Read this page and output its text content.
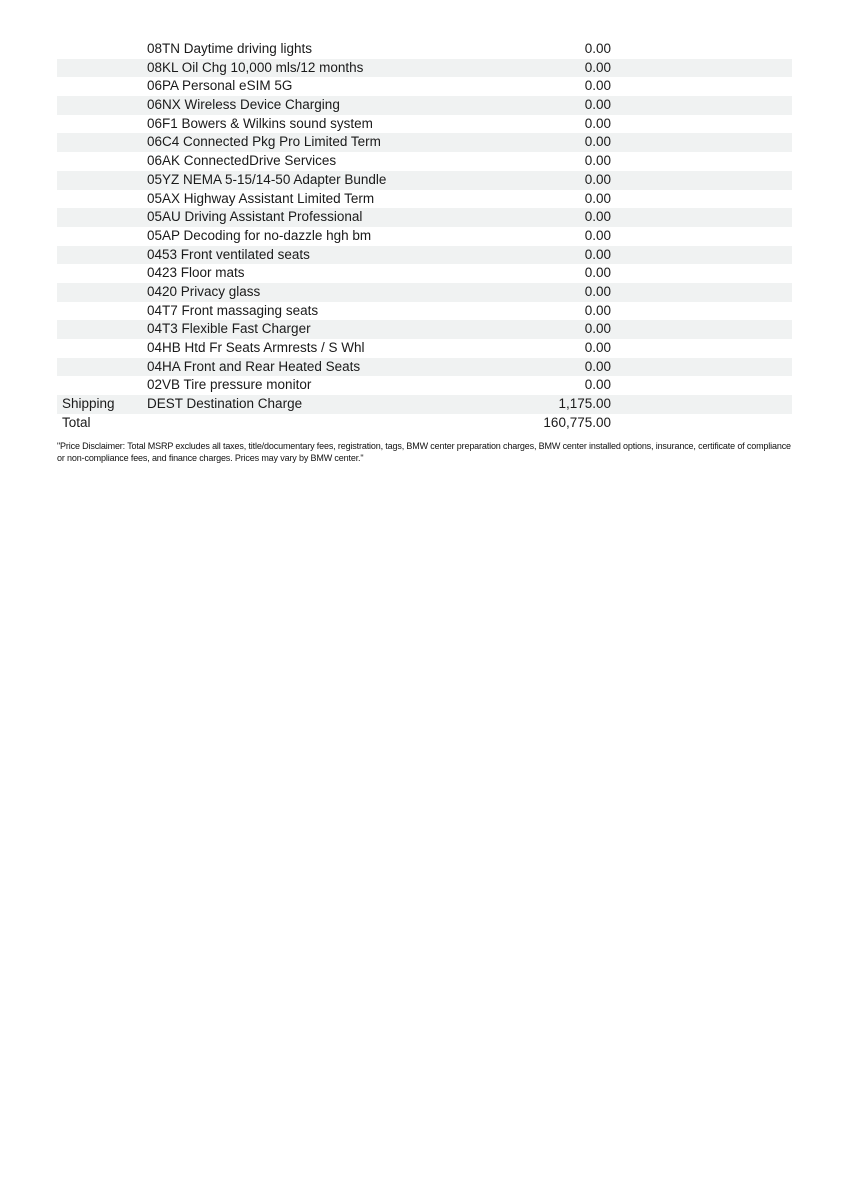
08TN Daytime driving lights	0.00
08KL Oil Chg 10,000 mls/12 months	0.00
06PA Personal eSIM 5G	0.00
06NX Wireless Device Charging	0.00
06F1 Bowers & Wilkins sound system	0.00
06C4 Connected Pkg Pro Limited Term	0.00
06AK ConnectedDrive Services	0.00
05YZ NEMA 5-15/14-50 Adapter Bundle	0.00
05AX Highway Assistant Limited Term	0.00
05AU Driving Assistant Professional	0.00
05AP Decoding for no-dazzle hgh bm	0.00
0453 Front ventilated seats	0.00
0423 Floor mats	0.00
0420 Privacy glass	0.00
04T7 Front massaging seats	0.00
04T3 Flexible Fast Charger	0.00
04HB Htd Fr Seats Armrests / S Whl	0.00
04HA Front and Rear Heated Seats	0.00
02VB Tire pressure monitor	0.00
Shipping	DEST Destination Charge	1,175.00
Total	160,775.00
"Price Disclaimer: Total MSRP excludes all taxes, title/documentary fees, registration, tags, BMW center preparation charges, BMW center installed options, insurance, certificate of compliance or non-compliance fees, and finance charges. Prices may vary by BMW center."
